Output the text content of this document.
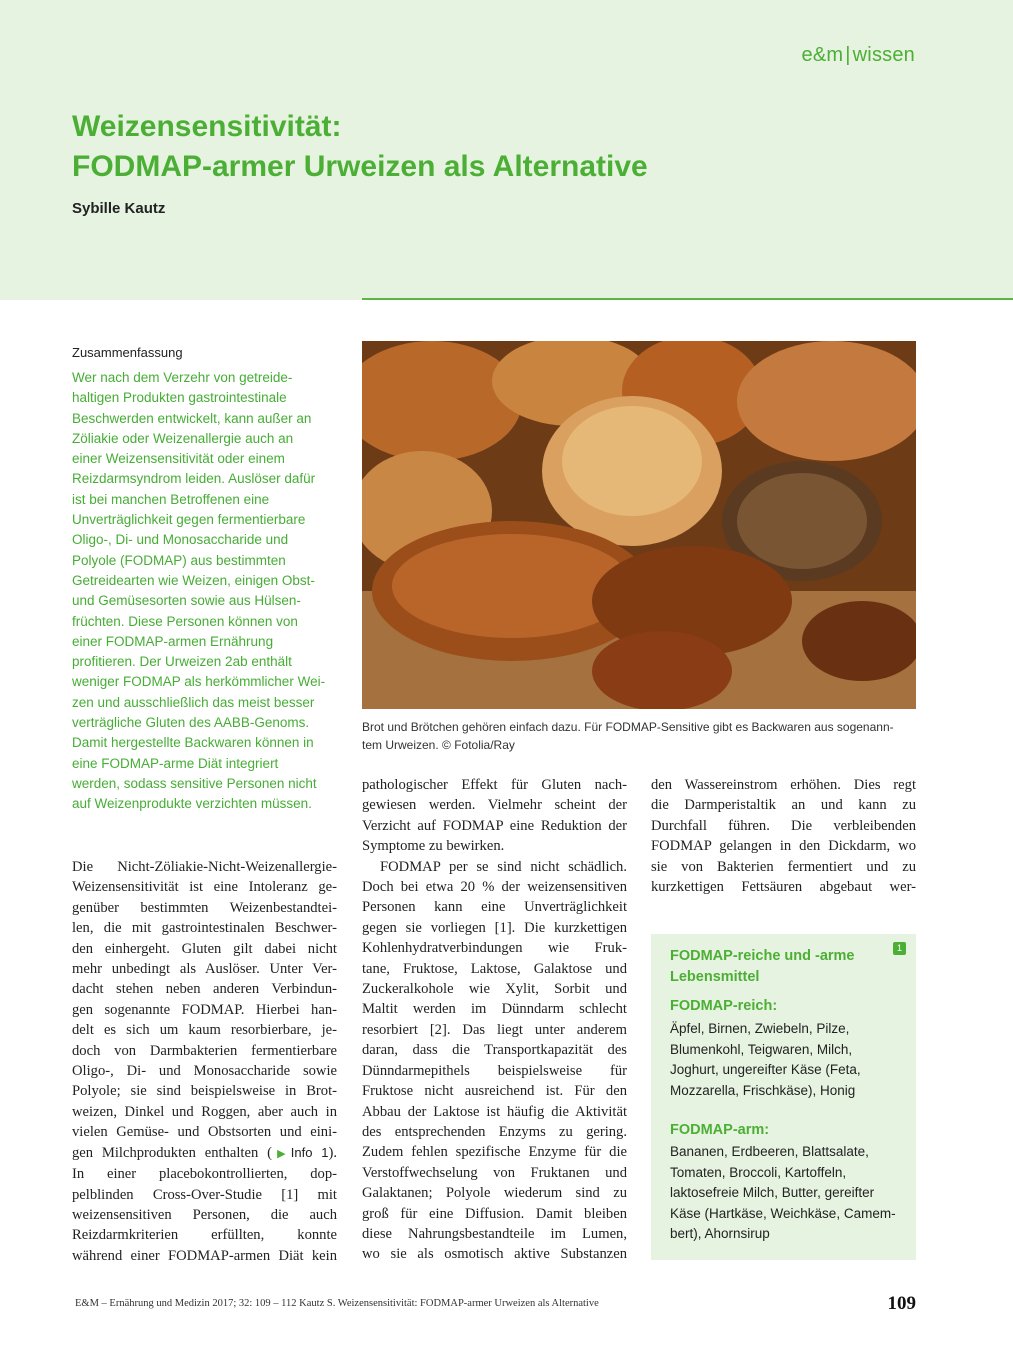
e&m | wissen
Weizensensitivität:
FODMAP-armer Urweizen als Alternative
Sybille Kautz
Zusammenfassung
Wer nach dem Verzehr von getreide-
haltigen Produkten gastrointestinale
Beschwerden entwickelt, kann außer an
Zöliakie oder Weizenallergie auch an
einer Weizensensitivität oder einem
Reizdarmsyndrom leiden. Auslöser dafür
ist bei manchen Betroffenen eine
Unverträglichkeit gegen fermentierbare
Oligo-, Di- und Monosaccharide und
Polyole (FODMAP) aus bestimmten
Getreidearten wie Weizen, einigen Obst-
und Gemüsesorten sowie aus Hülsen-
früchten. Diese Personen können von
einer FODMAP-armen Ernährung
profitieren. Der Urweizen 2ab enthält
weniger FODMAP als herkömmlicher Wei-
zen und ausschließlich das meist besser
verträgliche Gluten des AABB-Genoms.
Damit hergestellte Backwaren können in
eine FODMAP-arme Diät integriert
werden, sodass sensitive Personen nicht
auf Weizenprodukte verzichten müssen.
Brot und Brötchen gehören einfach dazu. Für FODMAP-Sensitive gibt es Backwaren aus sogenann-
tem Urweizen. © Fotolia/Ray
Die Nicht-Zöliakie-Nicht-Weizenallergie-
Weizensensitivität ist eine Intoleranz ge-
genüber bestimmten Weizenbestandtei-
len, die mit gastrointestinalen Beschwer-
den einhergeht. Gluten gilt dabei nicht
mehr unbedingt als Auslöser. Unter Ver-
dacht stehen neben anderen Verbindun-
gen sogenannte FODMAP. Hierbei han-
delt es sich um kaum resorbierbare, je-
doch von Darmbakterien fermentierbare
Oligo-, Di- und Monosaccharide sowie
Polyole; sie sind beispielsweise in Brot-
weizen, Dinkel und Roggen, aber auch in
vielen Gemüse- und Obstsorten und eini-
gen Milchprodukten enthalten (▶Info 1).
In einer placebokontrollierten, dop-
pelblinden Cross-Over-Studie [1] mit
weizensensitiven Personen, die auch
Reizdarmkriterien erfüllten, konnte
während einer FODMAP-armen Diät kein
pathologischer Effekt für Gluten nach-
gewiesen werden. Vielmehr scheint der
Verzicht auf FODMAP eine Reduktion der
Symptome zu bewirken.
FODMAP per se sind nicht schädlich.
Doch bei etwa 20 % der weizensensitiven
Personen kann eine Unverträglichkeit
gegen sie vorliegen [1]. Die kurzkettigen
Kohlenhydratverbindungen wie Fruk-
tane, Fruktose, Laktose, Galaktose und
Zuckeralkohole wie Xylit, Sorbit und
Maltit werden im Dünndarm schlecht
resorbiert [2]. Das liegt unter anderem
daran, dass die Transportkapazität des
Dünndarmepithels beispielsweise für
Fruktose nicht ausreichend ist. Für den
Abbau der Laktose ist häufig die Aktivität
des entsprechenden Enzyms zu gering.
Zudem fehlen spezifische Enzyme für die
Verstoffwechselung von Fruktanen und
Galaktanen; Polyole wiederum sind zu
groß für eine Diffusion. Damit bleiben
diese Nahrungsbestandteile im Lumen,
wo sie als osmotisch aktive Substanzen
den Wassereinstrom erhöhen. Dies regt
die Darmperistaltik an und kann zu
Durchfall führen. Die verbleibenden
FODMAP gelangen in den Dickdarm, wo
sie von Bakterien fermentiert und zu
kurzkettigen Fettsäuren abgebaut wer-
1
FODMAP-reiche und -arme
Lebensmittel
FODMAP-reich:
Äpfel, Birnen, Zwiebeln, Pilze,
Blumenkohl, Teigwaren, Milch,
Joghurt, ungereifter Käse (Feta,
Mozzarella, Frischkäse), Honig
FODMAP-arm:
Bananen, Erdbeeren, Blattsalate,
Tomaten, Broccoli, Kartoffeln,
laktosefreie Milch, Butter, gereifter
Käse (Hartkäse, Weichkäse, Camem-
bert), Ahornsirup
E&M – Ernährung und Medizin 2017; 32: 109 – 112 Kautz S. Weizensensitivität: FODMAP-armer Urweizen als Alternative	109
